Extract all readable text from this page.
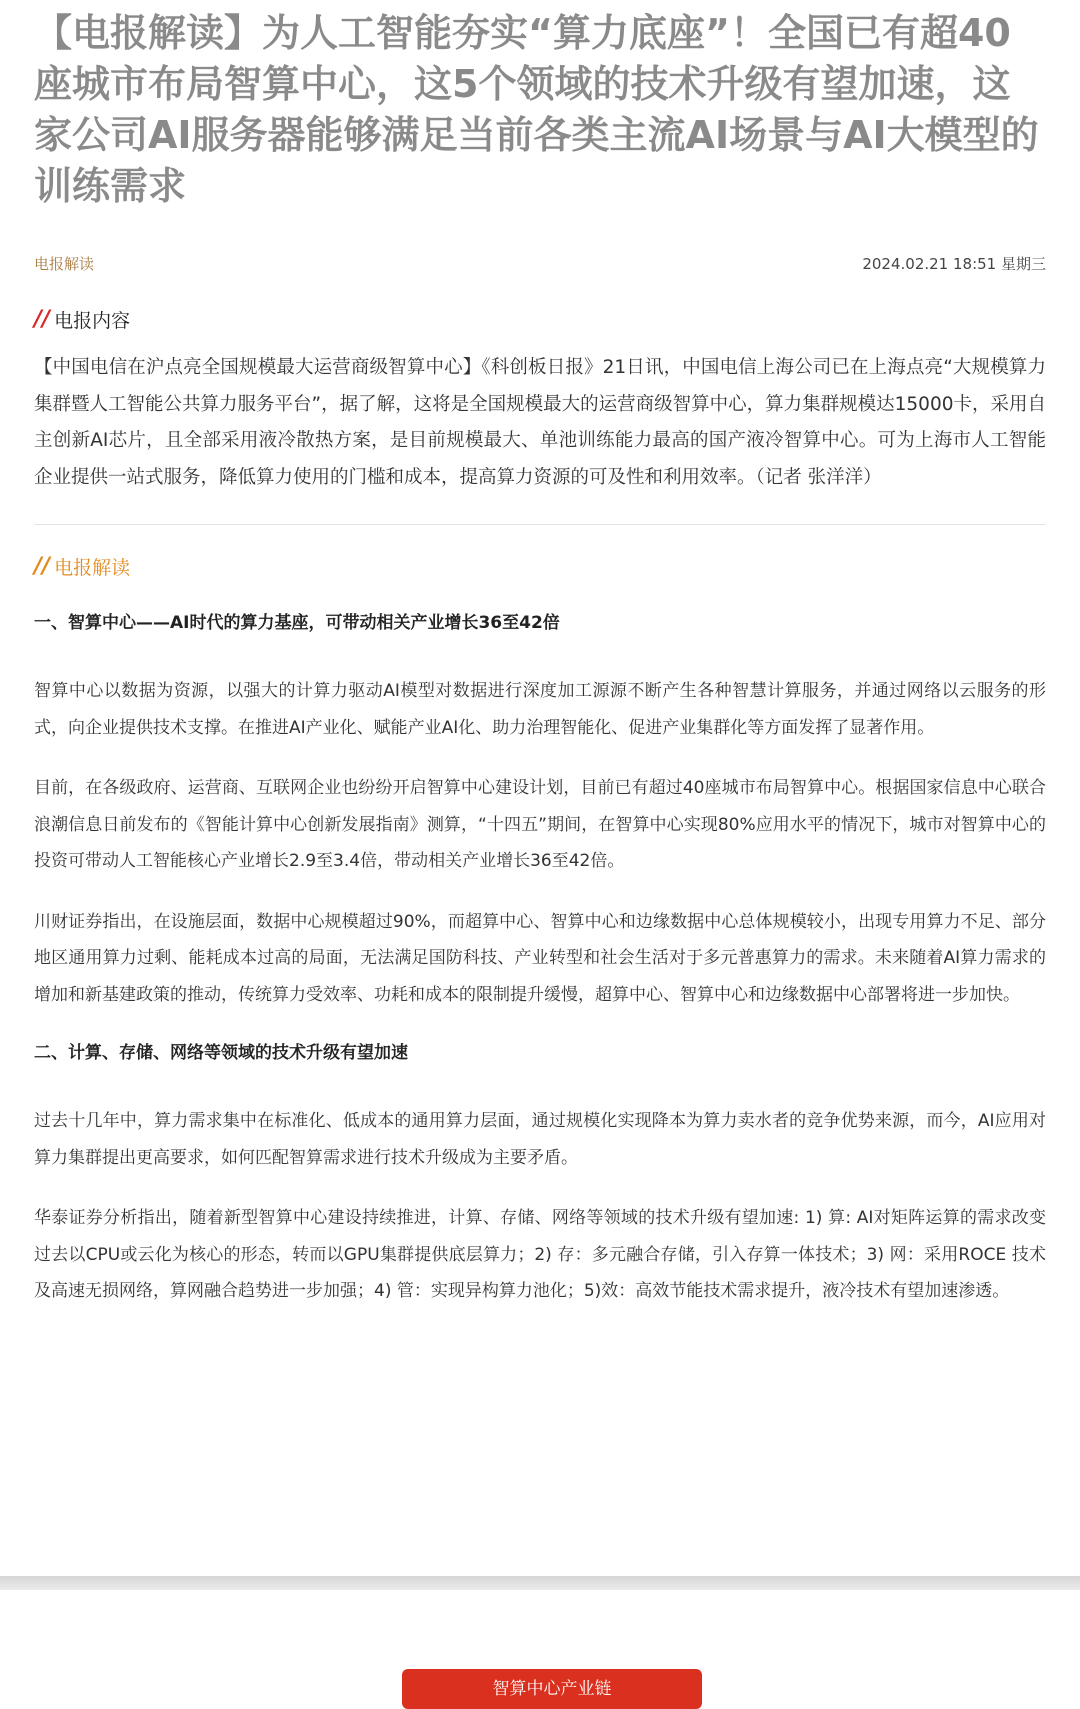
【电报解读】为人工智能夯实“算力底座”！全国已有超40座城市布局智算中心，这5个领域的技术升级有望加速，这家公司AI服务器能够满足当前各类主流AI场景与AI大模型的训练需求
电报解读	2024.02.21 18:51 星期三
// 电报内容

【中国电信在沪点亮全国规模最大运营商级智算中心】《科创板日报》21日讯，中国电信上海公司已在上海点亮“大规模算力集群暨人工智能公共算力服务平台”，据了解，这将是全国规模最大的运营商级智算中心，算力集群规模达15000卡，采用自主创新AI芯片，且全部采用液冷散热方案，是目前规模最大、单池训练能力最高的国产液冷智算中心。可为上海市人工智能企业提供一站式服务，降低算力使用的门槛和成本，提高算力资源的可及性和利用效率。（记者 张洋洋）

// 电报解读
一、智算中心——AI时代的算力基座，可带动相关产业增长36至42倍

智算中心以数据为资源，以强大的计算力驱动AI模型对数据进行深度加工源源不断产生各种智慧计算服务，并通过网络以云服务的形式，向企业提供技术支撑。在推进AI产业化、赋能产业AI化、助力治理智能化、促进产业集群化等方面发挥了显著作用。

目前，在各级政府、运营商、互联网企业也纷纷开启智算中心建设计划，目前已有超过40座城市布局智算中心。根据国家信息中心联合浪潮信息日前发布的《智能计算中心创新发展指南》测算，“十四五”期间，在智算中心实现80%应用水平的情况下，城市对智算中心的投资可带动人工智能核心产业增长2.9至3.4倍，带动相关产业增长36至42倍。

川财证券指出，在设施层面，数据中心规模超过90%，而超算中心、智算中心和边缘数据中心总体规模较小，出现专用算力不足、部分地区通用算力过剩、能耗成本过高的局面，无法满足国防科技、产业转型和社会生活对于多元普惠算力的需求。未来随着AI算力需求的增加和新基建政策的推动，传统算力受效率、功耗和成本的限制提升缓慢，超算中心、智算中心和边缘数据中心部署将进一步加快。

二、计算、存储、网络等领域的技术升级有望加速

过去十几年中，算力需求集中在标准化、低成本的通用算力层面，通过规模化实现降本为算力卖水者的竞争优势来源，而今，AI应用对算力集群提出更高要求，如何匹配智算需求进行技术升级成为主要矛盾。

华泰证券分析指出，随着新型智算中心建设持续推进，计算、存储、网络等领域的技术升级有望加速: 1) 算: AI对矩阵运算的需求改变过去以CPU或云化为核心的形态，转而以GPU集群提供底层算力；2) 存：多元融合存储，引入存算一体技术；3) 网：采用ROCE 技术及高速无损网络，算网融合趋势进一步加强；4) 管：实现异构算力池化；5)效：高效节能技术需求提升，液冷技术有望加速渗透。

智算中心产业链
